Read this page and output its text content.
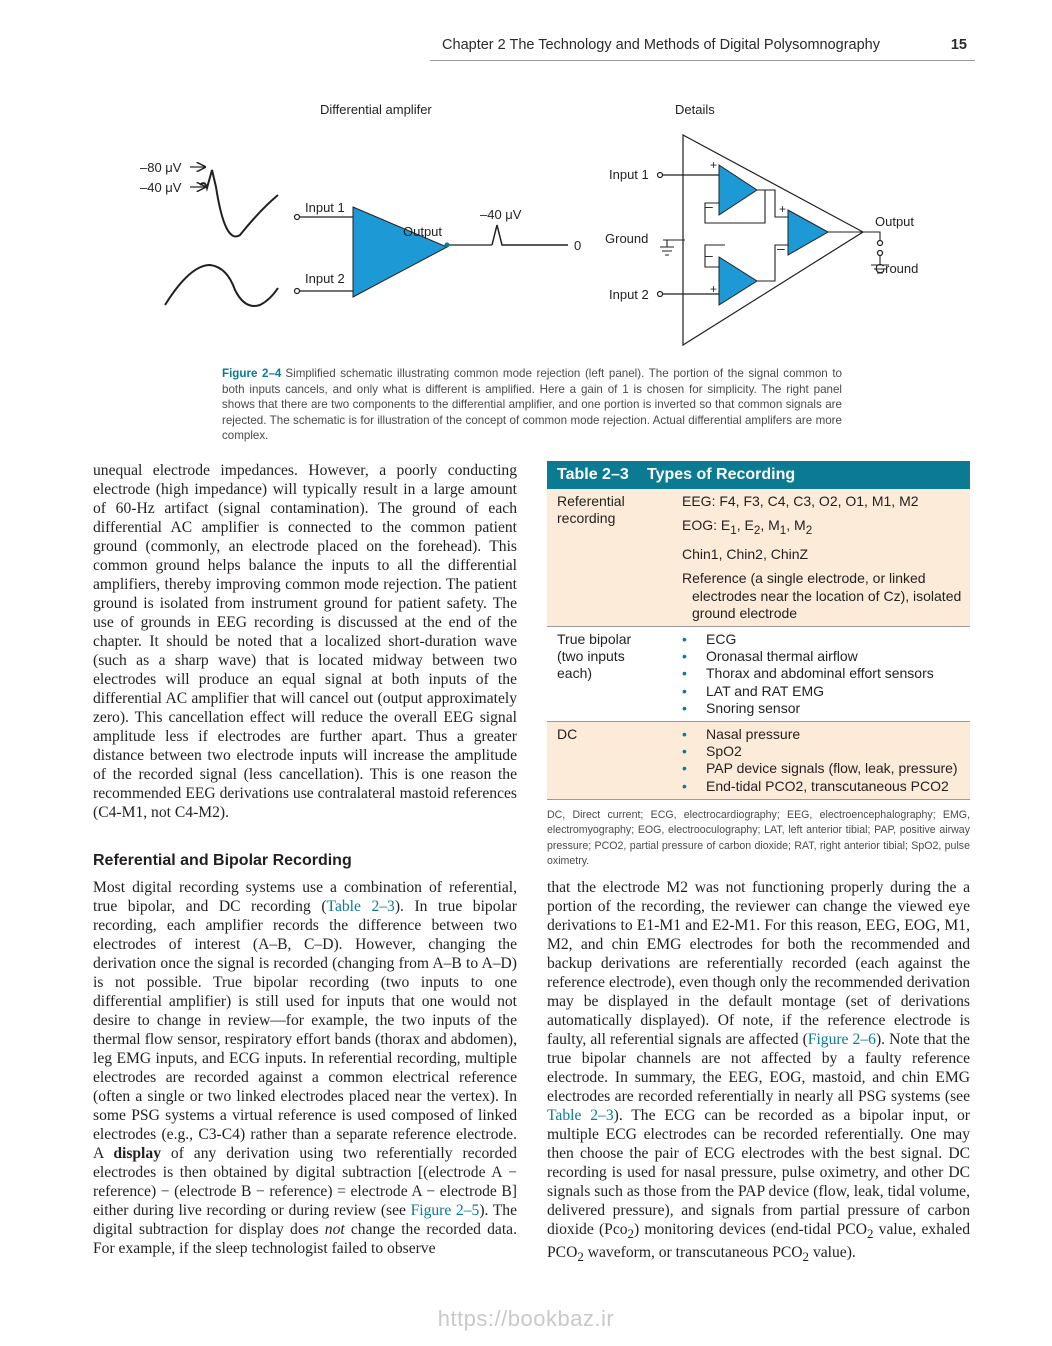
Chapter 2 The Technology and Methods of Digital Polysomnography	15
Differential amplifer	Details
–80 μV
–40 μV
Input 1
Input 2
Output
–40 μV
0
Input 1
Ground
Input 2
+
–
–
+
+
–
Output
Ground
Figure 2–4 Simplified schematic illustrating common mode rejection (left panel). The portion of the signal common to both inputs cancels, and only what is different is amplified. Here a gain of 1 is chosen for simplicity. The right panel shows that there are two components to the differential amplifier, and one portion is inverted so that common signals are rejected. The schematic is for illustration of the concept of common mode rejection. Actual differential amplifers are more complex.

unequal electrode impedances. However, a poorly conducting electrode (high impedance) will typically result in a large amount of 60-Hz artifact (signal contamination). The ground of each differential AC amplifier is connected to the common patient ground (commonly, an electrode placed on the forehead). This common ground helps balance the inputs to all the differential amplifiers, thereby improving common mode rejection. The patient ground is isolated from instrument ground for patient safety. The use of grounds in EEG recording is discussed at the end of the chapter. It should be noted that a localized short-duration wave (such as a sharp wave) that is located midway between two electrodes will produce an equal signal at both inputs of the differential AC amplifier that will cancel out (output approximately zero). This cancellation effect will reduce the overall EEG signal amplitude less if electrodes are further apart. Thus a greater distance between two electrode inputs will increase the amplitude of the recorded signal (less cancellation). This is one reason the recommended EEG derivations use contralateral mastoid references (C4-M1, not C4-M2).

Referential and Bipolar Recording

Most digital recording systems use a combination of referential, true bipolar, and DC recording (Table 2–3). In true bipolar recording, each amplifier records the difference between two electrodes of interest (A–B, C–D). However, changing the derivation once the signal is recorded (changing from A–B to A–D) is not possible. True bipolar recording (two inputs to one differential amplifier) is still used for inputs that one would not desire to change in review—for example, the two inputs of the thermal flow sensor, respiratory effort bands (thorax and abdomen), leg EMG inputs, and ECG inputs. In referential recording, multiple electrodes are recorded against a common electrical reference (often a single or two linked electrodes placed near the vertex). In some PSG systems a virtual reference is used composed of linked electrodes (e.g., C3-C4) rather than a separate reference electrode. A display of any derivation using two referentially recorded electrodes is then obtained by digital subtraction [(electrode A − reference) − (electrode B − reference) = electrode A − electrode B] either during live recording or during review (see Figure 2–5). The digital subtraction for display does not change the recorded data. For example, if the sleep technologist failed to observe

that the electrode M2 was not functioning properly during the a portion of the recording, the reviewer can change the viewed eye derivations to E1-M1 and E2-M1. For this reason, EEG, EOG, M1, M2, and chin EMG electrodes for both the recommended and backup derivations are referentially recorded (each against the reference electrode), even though only the recommended derivation may be displayed in the default montage (set of derivations automatically displayed). Of note, if the reference electrode is faulty, all referential signals are affected (Figure 2–6). Note that the true bipolar channels are not affected by a faulty reference electrode. In summary, the EEG, EOG, mastoid, and chin EMG electrodes are recorded referentially in nearly all PSG systems (see Table 2–3). The ECG can be recorded as a bipolar input, or multiple ECG electrodes can be recorded referentially. One may then choose the pair of ECG electrodes with the best signal. DC recording is used for nasal pressure, pulse oximetry, and other DC signals such as those from the PAP device (flow, leak, tidal volume, delivered pressure), and signals from partial pressure of carbon dioxide (Pco$_2$) monitoring devices (end-tidal $PCO_2$ value, exhaled $PCO_2$ waveform, or transcutaneous $PCO_2$ value).

Table 2–3 Types of Recording
Referential recording
EEG: F4, F3, C4, C3, O2, O1, M1, M2
EOG: $E_1$, $E_2$, $M_1$, $M_2$
Chin1, Chin2, ChinZ
Reference (a single electrode, or linked electrodes near the location of Cz), isolated ground electrode
True bipolar (two inputs each)
• ECG
• Oronasal thermal airflow
• Thorax and abdominal effort sensors
• LAT and RAT EMG
• Snoring sensor
DC
•	Nasal pressure
• SpO2
• PAP device signals (flow, leak, pressure)
• End-tidal PCO2, transcutaneous PCO2
DC, Direct current; ECG, electrocardiography; EEG, electroencephalography; EMG, electromyography; EOG, electrooculography; LAT, left anterior tibial; PAP, positive airway pressure; PCO2, partial pressure of carbon dioxide; RAT, right anterior tibial; SpO2, pulse oximetry.
https://bookbaz.ir
